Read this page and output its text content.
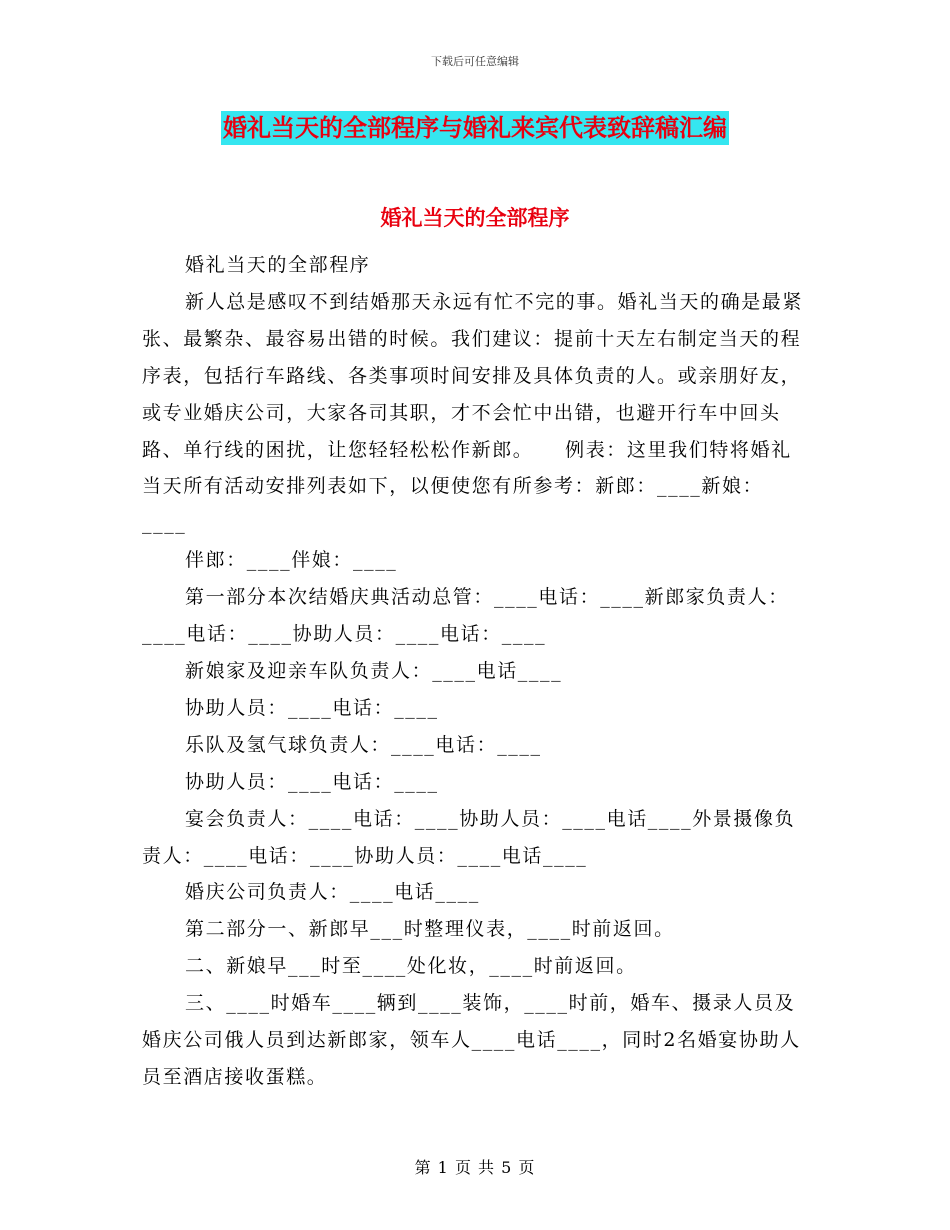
下载后可任意编辑
婚礼当天的全部程序与婚礼来宾代表致辞稿汇编
婚礼当天的全部程序

婚礼当天的全部程序

新人总是感叹不到结婚那天永远有忙不完的事。婚礼当天的确是最紧张、最繁杂、最容易出错的时候。我们建议：提前十天左右制定当天的程序表，包括行车路线、各类事项时间安排及具体负责的人。或亲朋好友，或专业婚庆公司，大家各司其职，才不会忙中出错，也避开行车中回头路、单行线的困扰，让您轻轻松松作新郎。　　例表：这里我们特将婚礼当天所有活动安排列表如下，以便使您有所参考：新郎：____新娘：____

伴郎：____伴娘：____

第一部分本次结婚庆典活动总管：____电话：____新郎家负责人：____电话：____协助人员：____电话：____

新娘家及迎亲车队负责人：____电话____

协助人员：____电话：____

乐队及氢气球负责人：____电话：____

协助人员：____电话：____

宴会负责人：____电话：____协助人员：____电话____外景摄像负责人：____电话：____协助人员：____电话____

婚庆公司负责人：____电话____

第二部分一、新郎早___时整理仪表，____时前返回。

二、新娘早___时至____处化妆，____时前返回。

三、____时婚车____辆到____装饰，____时前，婚车、摄录人员及婚庆公司俄人员到达新郎家，领车人____电话____，同时2名婚宴协助人员至酒店接收蛋糕。

第 1 页 共 5 页
